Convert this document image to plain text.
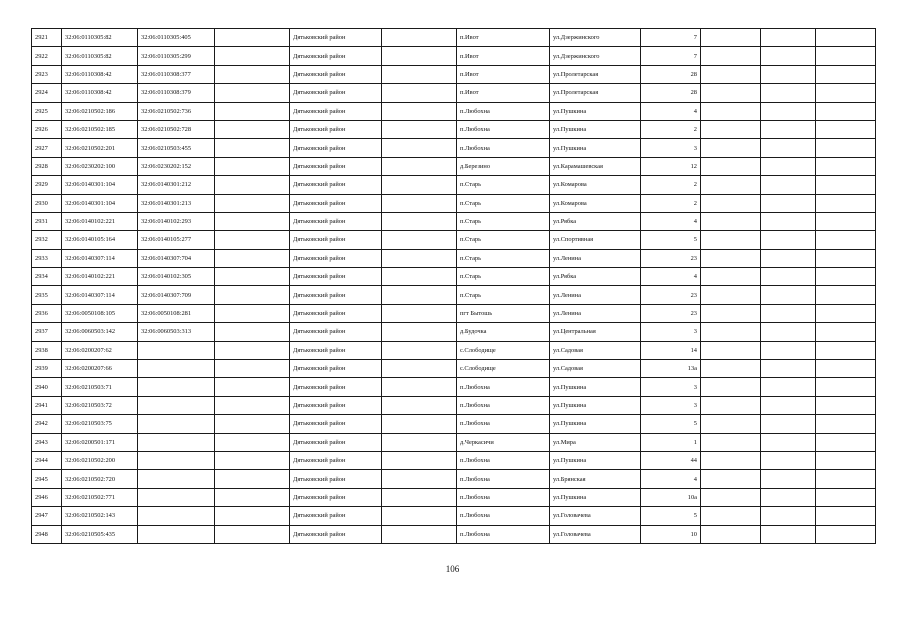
2921	32:06:0110305:82	32:06:0110305:405		Дятьковский район		п.Ивот	ул.Дзержинского	7			
2922	32:06:0110305:82	32:06:0110305:299		Дятьковский район		п.Ивот	ул.Дзержинского	7			
2923	32:06:0110308:42	32:06:0110308:377		Дятьковский район		п.Ивот	ул.Пролетарская	28			
2924	32:06:0110308:42	32:06:0110308:379		Дятьковский район		п.Ивот	ул.Пролетарская	28			
2925	32:06:0210502:186	32:06:0210502:736		Дятьковский район		п.Любохна	ул.Пушкина	4			
2926	32:06:0210502:185	32:06:0210502:728		Дятьковский район		п.Любохна	ул.Пушкина	2			
2927	32:06:0210502:201	32:06:0210503:455		Дятьковский район		п.Любохна	ул.Пушкина	3			
2928	32:06:0230202:100	32:06:0230202:152		Дятьковский район		д.Березино	ул.Карамашевская	12			
2929	32:06:0140301:104	32:06:0140301:212		Дятьковский район		п.Старь	ул.Комарова	2			
2930	32:06:0140301:104	32:06:0140301:213		Дятьковский район		п.Старь	ул.Комарова	2			
2931	32:06:0140102:221	32:06:0140102:293		Дятьковский район		п.Старь	ул.Рябка	4			
2932	32:06:0140105:164	32:06:0140105:277		Дятьковский район		п.Старь	ул.Спортивная	5			
2933	32:06:0140307:114	32:06:0140307:704		Дятьковский район		п.Старь	ул.Ленина	23			
2934	32:06:0140102:221	32:06:0140102:305		Дятьковский район		п.Старь	ул.Рябка	4			
2935	32:06:0140307:114	32:06:0140307:709		Дятьковский район		п.Старь	ул.Ленина	23			
2936	32:06:0050108:105	32:06:0050108:281		Дятьковский район		пгт Бытошь	ул.Ленина	23			
2937	32:06:0060503:142	32:06:0060503:313		Дятьковский район		д.Будочка	ул.Центральная	3			
2938	32:06:0200207:62			Дятьковский район		с.Слободище	ул.Садовая	14			
2939	32:06:0200207:66			Дятьковский район		с.Слободище	ул.Садовая	13а			
2940	32:06:0210503:71			Дятьковский район		п.Любохна	ул.Пушкина	3			
2941	32:06:0210503:72			Дятьковский район		п.Любохна	ул.Пушкина	3			
2942	32:06:0210503:75			Дятьковский район		п.Любохна	ул.Пушкина	5			
2943	32:06:0200501:171			Дятьковский район		д.Черкасичи	ул.Мира	1			
2944	32:06:0210502:200			Дятьковский район		п.Любохна	ул.Пушкина	44			
2945	32:06:0210502:720			Дятьковский район		п.Любохна	ул.Брянская	4			
2946	32:06:0210502:771			Дятьковский район		п.Любохна	ул.Пушкина	10а			
2947	32:06:0210502:143			Дятьковский район		п.Любохна	ул.Головачева	5			
2948	32:06:0210505:435			Дятьковский район		п.Любохна	ул.Головачева	10			
106
